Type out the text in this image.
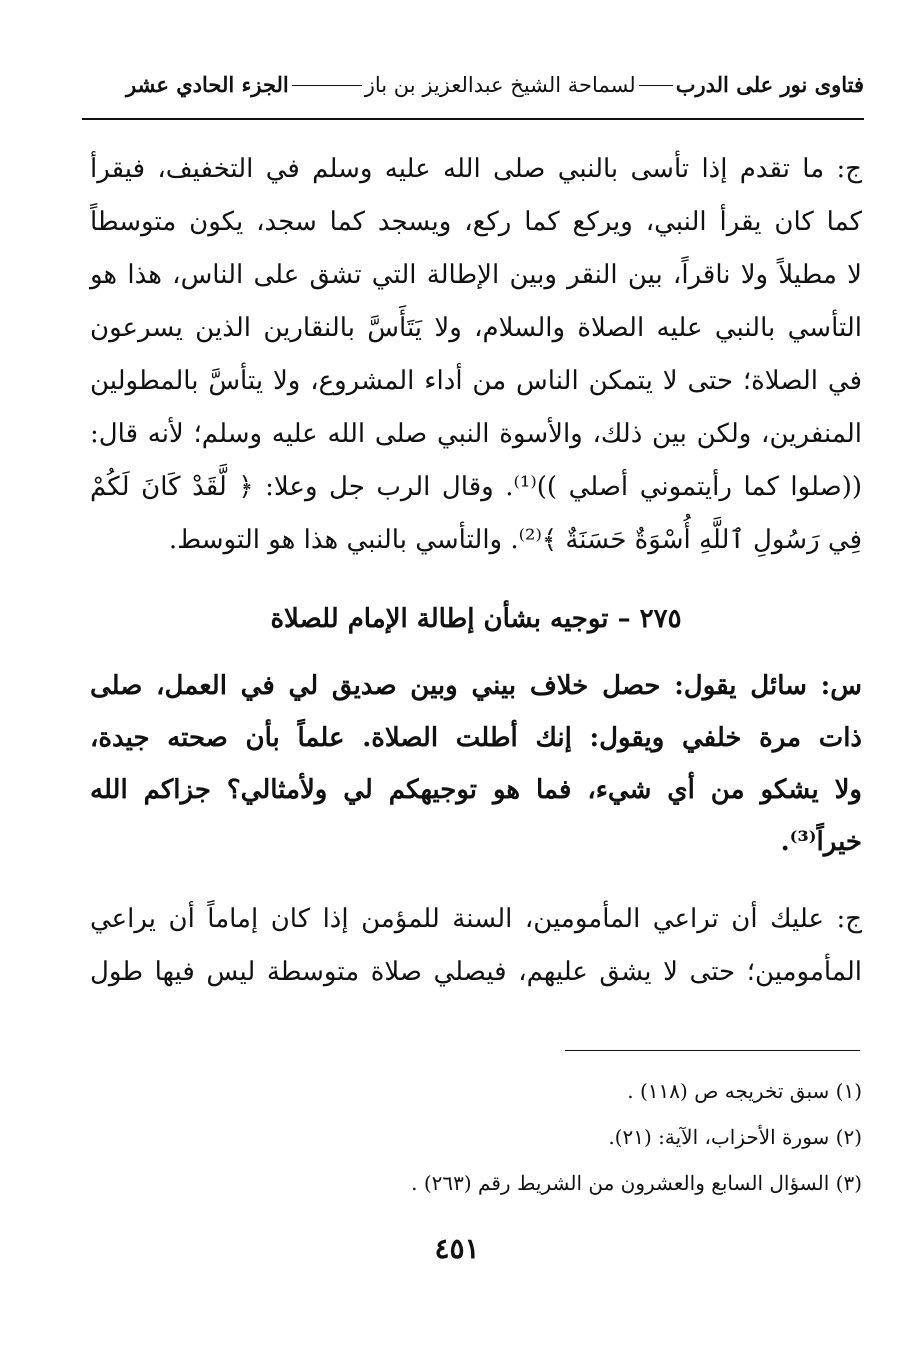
فتاوى نور على الدرب
لسماحة الشيخ عبدالعزيز بن باز
الجزء الحادي عشر
ج: ما تقدم إذا تأسى بالنبي صلى الله عليه وسلم في التخفيف، فيقرأ
كما كان يقرأ النبي، ويركع كما ركع، ويسجد كما سجد، يكون متوسطاً
لا مطيلاً ولا ناقراً، بين النقر وبين الإطالة التي تشق على الناس، هذا هو
التأسي بالنبي عليه الصلاة والسلام، ولا يَتَأَسَّ بالنقارين الذين يسرعون
في الصلاة؛ حتى لا يتمكن الناس من أداء المشروع، ولا يتأسَّ بالمطولين
المنفرين، ولكن بين ذلك، والأسوة النبي صلى الله عليه وسلم؛ لأنه قال:
((صلوا كما رأيتموني أصلي ))⁽¹⁾. وقال الرب جل وعلا: ﴿ لَّقَدْ كَانَ لَكُمْ
فِي رَسُولِ ٱللَّهِ أُسْوَةٌ حَسَنَةٌ ﴾⁽²⁾. والتأسي بالنبي هذا هو التوسط.
٢٧٥ – توجيه بشأن إطالة الإمام للصلاة
س: سائل يقول: حصل خلاف بيني وبين صديق لي في العمل، صلى
ذات مرة خلفي ويقول: إنك أطلت الصلاة. علماً بأن صحته جيدة،
ولا يشكو من أي شيء، فما هو توجيهكم لي ولأمثالي؟ جزاكم الله
خيراً⁽³⁾.
ج: عليك أن تراعي المأمومين، السنة للمؤمن إذا كان إماماً أن يراعي
المأمومين؛ حتى لا يشق عليهم، فيصلي صلاة متوسطة ليس فيها طول
(١) سبق تخريجه ص (١١٨) .
(٢) سورة الأحزاب، الآية: (٢١).
(٣) السؤال السابع والعشرون من الشريط رقم (٢٦٣) .
٤٥١
